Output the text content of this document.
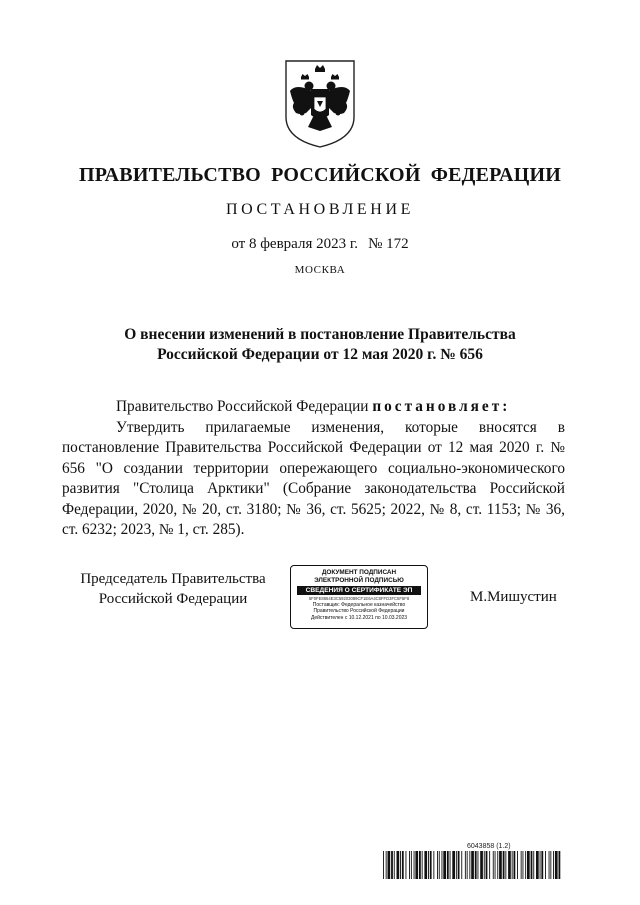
ПРАВИТЕЛЬСТВО РОССИЙСКОЙ ФЕДЕРАЦИИ
ПОСТАНОВЛЕНИЕ
от 8 февраля 2023 г. № 172
МОСКВА
О внесении изменений в постановление Правительства
Российской Федерации от 12 мая 2020 г. № 656

Правительство Российской Федерации постановляет:

Утвердить прилагаемые изменения, которые вносятся в постановление Правительства Российской Федерации от 12 мая 2020 г. № 656 "О создании территории опережающего социально-экономического развития "Столица Арктики" (Собрание законодательства Российской Федерации, 2020, № 20, ст. 3180; № 36, ст. 5625; 2022, № 8, ст. 1153; № 36, ст. 6232; 2023, № 1, ст. 285).

Председатель Правительства
Российской Федерации
ДОКУМЕНТ ПОДПИСАН
ЭЛЕКТРОННОЙ ПОДПИСЬЮ
СВЕДЕНИЯ О СЕРТИФИКАТЕ ЭП
5F0FE8864E3C59203089CF1E6A4C8FFD3FC5F5F8
Поставщик: Федеральное казначейство
Правительство Российской Федерации
Действителен с 10.12.2021 по 10.03.2023
М.Мишустин
6043858 (1.2)
